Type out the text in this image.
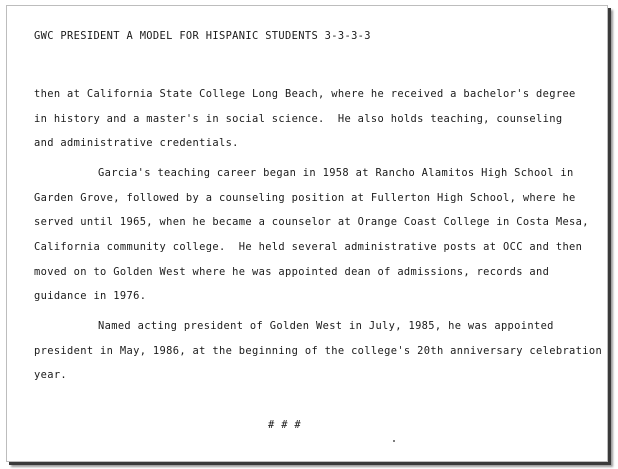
GWC PRESIDENT A MODEL FOR HISPANIC STUDENTS 3-3-3-3
then at California State College Long Beach, where he received a bachelor's degree
in history and a master's in social science.  He also holds teaching, counseling
and administrative credentials.
Garcia's teaching career began in 1958 at Rancho Alamitos High School in
Garden Grove, followed by a counseling position at Fullerton High School, where he
served until 1965, when he became a counselor at Orange Coast College in Costa Mesa,
California community college.  He held several administrative posts at OCC and then
moved on to Golden West where he was appointed dean of admissions, records and
guidance in 1976.
Named acting president of Golden West in July, 1985, he was appointed
president in May, 1986, at the beginning of the college's 20th anniversary celebration
year.
# # #
